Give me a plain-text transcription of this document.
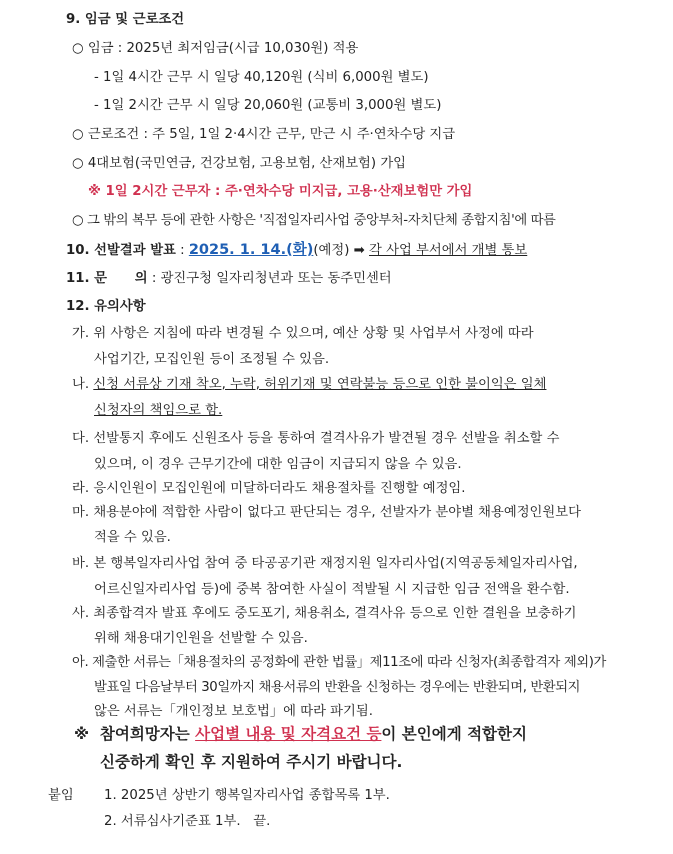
9. 임금 및 근로조건
○ 임금 : 2025년 최저임금(시급 10,030원) 적용
- 1일 4시간 근무 시 일당 40,120원 (식비 6,000원 별도)
- 1일 2시간 근무 시 일당 20,060원 (교통비 3,000원 별도)
○ 근로조건 : 주 5일, 1일 2·4시간 근무, 만근 시 주·연차수당 지급
○ 4대보험(국민연금, 건강보험, 고용보험, 산재보험) 가입
※ 1일 2시간 근무자 : 주·연차수당 미지급, 고용·산재보험만 가입
○ 그 밖의 복무 등에 관한 사항은 '직접일자리사업 중앙부처-자치단체 종합지침'에 따름
10. 선발결과 발표 : 2025. 1. 14.(화)(예정) ➡ 각 사업 부서에서 개별 통보
11. 문      의 : 광진구청 일자리청년과 또는 동주민센터
12. 유의사항
가. 위 사항은 지침에 따라 변경될 수 있으며, 예산 상황 및 사업부서 사정에 따라
사업기간, 모집인원 등이 조정될 수 있음.
나. 신청 서류상 기재 착오, 누락, 허위기재 및 연락불능 등으로 인한 불이익은 일체
신청자의 책임으로 함.
다. 선발통지 후에도 신원조사 등을 통하여 결격사유가 발견될 경우 선발을 취소할 수
있으며, 이 경우 근무기간에 대한 임금이 지급되지 않을 수 있음.
라. 응시인원이 모집인원에 미달하더라도 채용절차를 진행할 예정임.
마. 채용분야에 적합한 사람이 없다고 판단되는 경우, 선발자가 분야별 채용예정인원보다
적을 수 있음.
바. 본 행복일자리사업 참여 중 타공공기관 재정지원 일자리사업(지역공동체일자리사업,
어르신일자리사업 등)에 중복 참여한 사실이 적발될 시 지급한 임금 전액을 환수함.
사. 최종합격자 발표 후에도 중도포기, 채용취소, 결격사유 등으로 인한 결원을 보충하기
위해 채용대기인원을 선발할 수 있음.
아. 제출한 서류는「채용절차의 공정화에 관한 법률」제11조에 따라 신청자(최종합격자 제외)가
발표일 다음날부터 30일까지 채용서류의 반환을 신청하는 경우에는 반환되며, 반환되지
않은 서류는「개인정보 보호법」에 따라 파기됨.
※ 참여희망자는 사업별 내용 및 자격요건 등이 본인에게 적합한지
신중하게 확인 후 지원하여 주시기 바랍니다.
붙임 1. 2025년 상반기 행복일자리사업 종합목록 1부.
2. 서류심사기준표 1부.   끝.
